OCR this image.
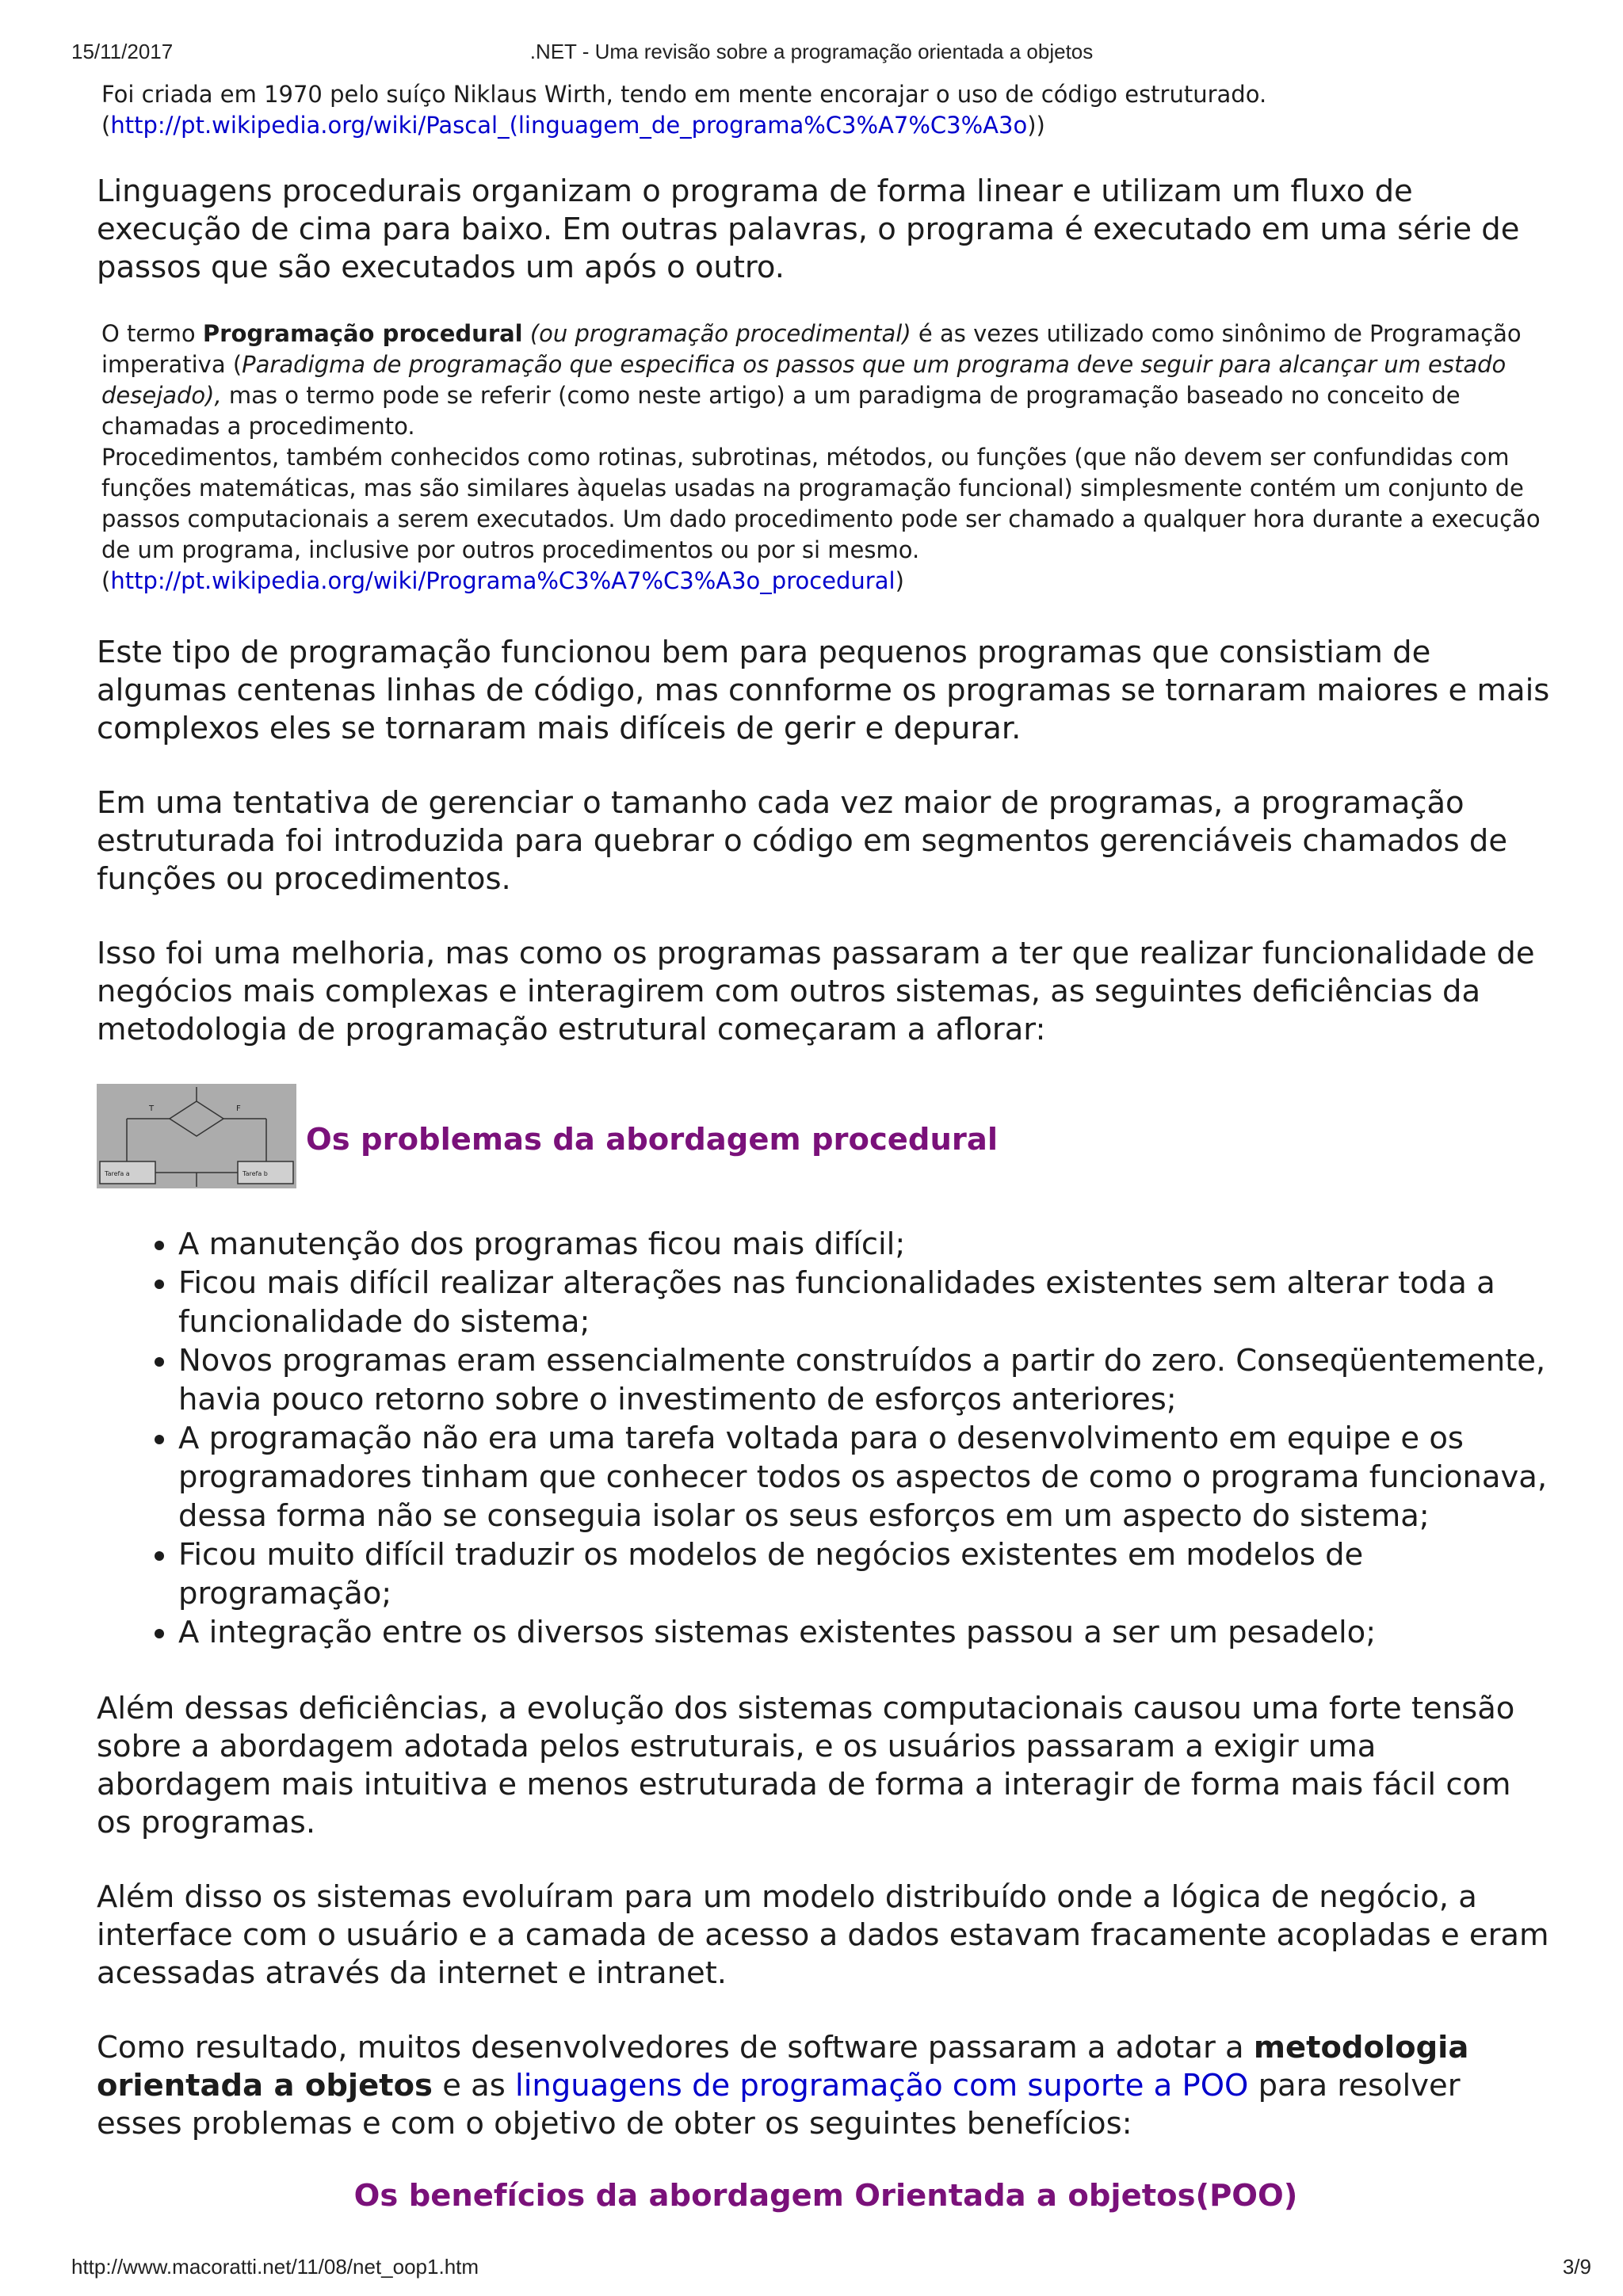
15/11/2017	.NET - Uma revisão sobre a programação orientada a objetos

Foi criada em 1970 pelo suíço Niklaus Wirth, tendo em mente encorajar o uso de código estruturado.

(http://pt.wikipedia.org/wiki/Pascal_(linguagem_de_programa%C3%A7%C3%A3o))

Linguagens procedurais organizam o programa de forma linear e utilizam um fluxo de execução de cima para baixo. Em outras palavras, o programa é executado em uma série de passos que são executados um após o outro.

O termo Programação procedural (ou programação procedimental) é as vezes utilizado como sinônimo de Programação imperativa (Paradigma de programação que especifica os passos que um programa deve seguir para alcançar um estado desejado), mas o termo pode se referir (como neste artigo) a um paradigma de programação baseado no conceito de chamadas a procedimento.

Procedimentos, também conhecidos como rotinas, subrotinas, métodos, ou funções (que não devem ser confundidas com funções matemáticas, mas são similares àquelas usadas na programação funcional) simplesmente contém um conjunto de passos computacionais a serem executados. Um dado procedimento pode ser chamado a qualquer hora durante a execução de um programa, inclusive por outros procedimentos ou por si mesmo.

(http://pt.wikipedia.org/wiki/Programa%C3%A7%C3%A3o_procedural)

Este tipo de programação funcionou bem para pequenos programas que consistiam de algumas centenas linhas de código, mas connforme os programas se tornaram maiores e mais complexos eles se tornaram mais difíceis de gerir e depurar.

Em uma tentativa de gerenciar o tamanho cada vez maior de programas, a programação estruturada foi introduzida para quebrar o código em segmentos gerenciáveis chamados de funções ou procedimentos.

Isso foi uma melhoria, mas como os programas passaram a ter que realizar funcionalidade de negócios mais complexas e interagirem com outros sistemas, as seguintes deficiências da metodologia de programação estrutural começaram a aflorar:

T	F
Tarefa a	Tarefa b
Os problemas da abordagem procedural
• A manutenção dos programas ficou mais difícil;
• Ficou mais difícil realizar alterações nas funcionalidades existentes sem alterar toda a funcionalidade do sistema;
• Novos programas eram essencialmente construídos a partir do zero. Conseqüentemente, havia pouco retorno sobre o investimento de esforços anteriores;
• A programação não era uma tarefa voltada para o desenvolvimento em equipe e os programadores tinham que conhecer todos os aspectos de como o programa funcionava, dessa forma não se conseguia isolar os seus esforços em um aspecto do sistema;
• Ficou muito difícil traduzir os modelos de negócios existentes em modelos de programação;
• A integração entre os diversos sistemas existentes passou a ser um pesadelo;

Além dessas deficiências, a evolução dos sistemas computacionais causou uma forte tensão sobre a abordagem adotada pelos estruturais, e os usuários passaram a exigir uma abordagem mais intuitiva e menos estruturada de forma a interagir de forma mais fácil com os programas.

Além disso os sistemas evoluíram para um modelo distribuído onde a lógica de negócio, a interface com o usuário e a camada de acesso a dados estavam fracamente acopladas e eram acessadas através da internet e intranet.

Como resultado, muitos desenvolvedores de software passaram a adotar a metodologia orientada a objetos e as linguagens de programação com suporte a POO para resolver esses problemas e com o objetivo de obter os seguintes benefícios:

Os benefícios da abordagem Orientada a objetos(POO)
http://www.macoratti.net/11/08/net_oop1.htm	3/9
